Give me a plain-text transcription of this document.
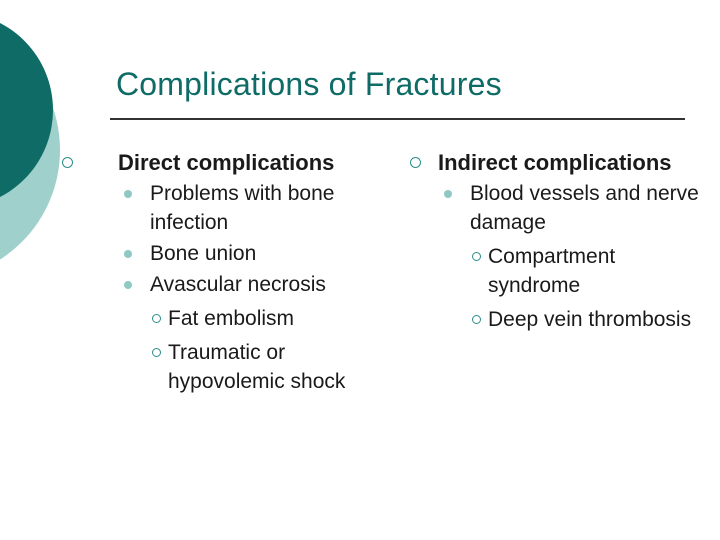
Complications of Fractures
Direct complications
Problems with bone infection
Bone union
Avascular necrosis
Fat embolism
Traumatic or hypovolemic shock
Indirect complications
Blood vessels and nerve damage
Compartment syndrome
Deep vein thrombosis
